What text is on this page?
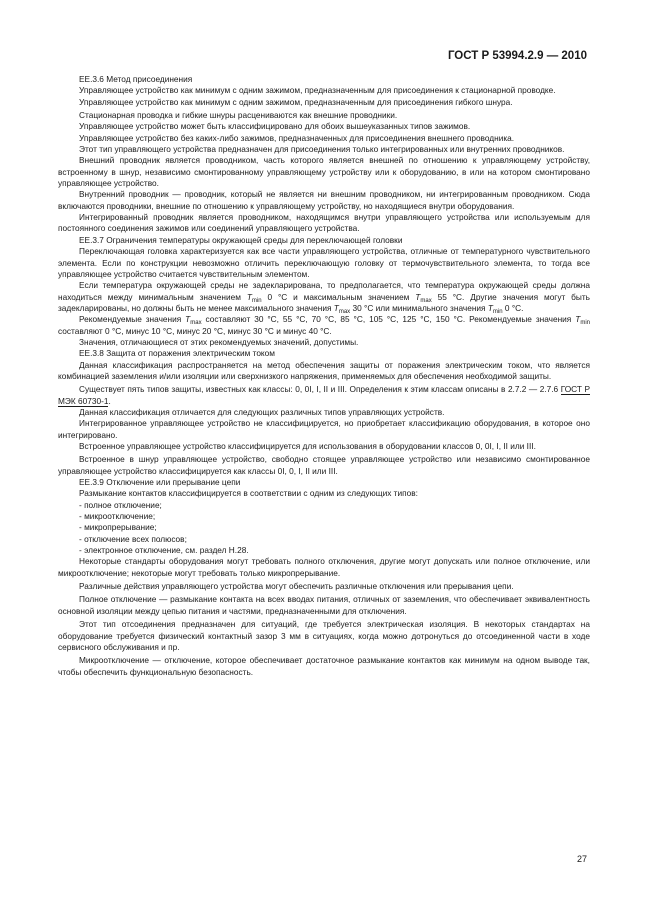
ГОСТ Р 53994.2.9 — 2010

ЕЕ.3.6 Метод присоединения

Управляющее устройство как минимум с одним зажимом, предназначенным для присоединения к стационарной проводке.

Управляющее устройство как минимум с одним зажимом, предназначенным для присоединения гибкого шнура.

Стационарная проводка и гибкие шнуры расцениваются как внешние проводники.

Управляющее устройство может быть классифицировано для обоих вышеуказанных типов зажимов.

Управляющее устройство без каких-либо зажимов, предназначенных для присоединения внешнего проводника.

Этот тип управляющего устройства предназначен для присоединения только интегрированных или внутренних проводников.

Внешний проводник является проводником, часть которого является внешней по отношению к управляющему устройству, встроенному в шнур, независимо смонтированному управляющему устройству или к оборудованию, в или на котором смонтировано управляющее устройство.

Внутренний проводник — проводник, который не является ни внешним проводником, ни интегрированным проводником. Сюда включаются проводники, внешние по отношению к управляющему устройству, но находящиеся внутри оборудования.

Интегрированный проводник является проводником, находящимся внутри управляющего устройства или используемым для постоянного соединения зажимов или соединений управляющего устройства.

ЕЕ.3.7 Ограничения температуры окружающей среды для переключающей головки

Переключающая головка характеризуется как все части управляющего устройства, отличные от температурного чувствительного элемента. Если по конструкции невозможно отличить переключающую головку от термочувствительного элемента, то тогда все управляющее устройство считается чувствительным элементом.

Если температура окружающей среды не задекларирована, то предполагается, что температура окружающей среды должна находиться между минимальным значением $T_{min}$ 0 °С и максимальным значением $T_{max}$ 55 °С. Другие значения могут быть задекларированы, но должны быть не менее максимального значения $T_{max}$ 30 °С или минимального значения $T_{min}$ 0 °С.

Рекомендуемые значения $T_{max}$ составляют 30 °С, 55 °С, 70 °С, 85 °С, 105 °С, 125 °С, 150 °С. Рекомендуемые значения $T_{min}$ составляют 0 °С, минус 10 °С, минус 20 °С, минус 30 °С и минус 40 °С.

Значения, отличающиеся от этих рекомендуемых значений, допустимы.

ЕЕ.3.8 Защита от поражения электрическим током

Данная классификация распространяется на метод обеспечения защиты от поражения электрическим током, что является комбинацией заземления и/или изоляции или сверхнизкого напряжения, применяемых для обеспечения необходимой защиты.

Существует пять типов защиты, известных как классы: 0, 0I, I, II и III. Определения к этим классам описаны в 2.7.2 — 2.7.6 ГОСТ Р МЭК 60730-1.

Данная классификация отличается для следующих различных типов управляющих устройств.

Интегрированное управляющее устройство не классифицируется, но приобретает классификацию оборудования, в которое оно интегрировано.

Встроенное управляющее устройство классифицируется для использования в оборудовании классов 0, 0I, I, II или III.

Встроенное в шнур управляющее устройство, свободно стоящее управляющее устройство или независимо смонтированное управляющее устройство классифицируется как классы 0I, 0, I, II или III.

ЕЕ.3.9 Отключение или прерывание цепи

Размыкание контактов классифицируется в соответствии с одним из следующих типов:

- полное отключение;

- микроотключение;

- микропрерывание;

- отключение всех полюсов;

- электронное отключение, см. раздел Н.28.

Некоторые стандарты оборудования могут требовать полного отключения, другие могут допускать или полное отключение, или микроотключение; некоторые могут требовать только микропрерывание.

Различные действия управляющего устройства могут обеспечить различные отключения или прерывания цепи.

Полное отключение — размыкание контакта на всех вводах питания, отличных от заземления, что обеспечивает эквивалентность основной изоляции между цепью питания и частями, предназначенными для отключения.

Этот тип отсоединения предназначен для ситуаций, где требуется электрическая изоляция. В некоторых стандартах на оборудование требуется физический контактный зазор 3 мм в ситуациях, когда можно дотронуться до отсоединенной части в ходе сервисного обслуживания и пр.

Микроотключение — отключение, которое обеспечивает достаточное размыкание контактов как минимум на одном выводе так, чтобы обеспечить функциональную безопасность.

27
